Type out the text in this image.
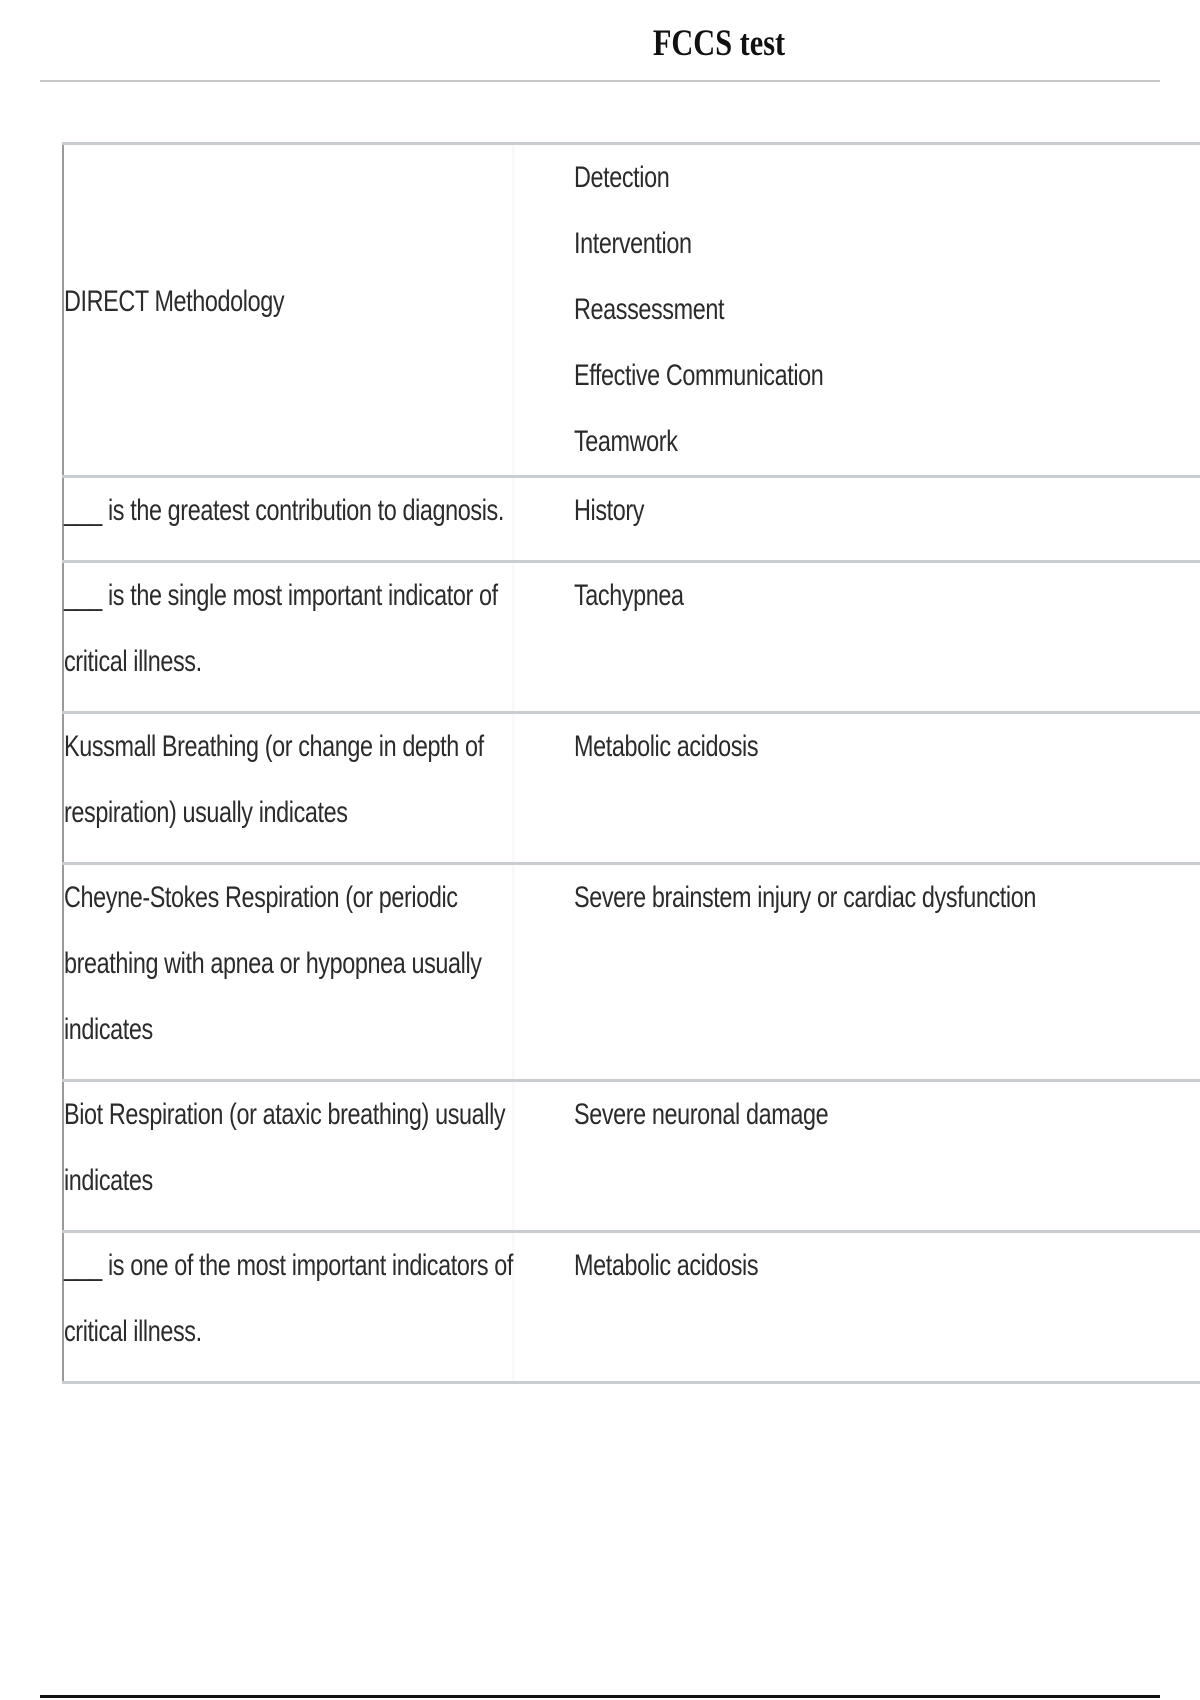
FCCS test
DIRECT Methodology	Detection
Intervention
Reassessment
Effective Communication
Teamwork

___ is the greatest contribution to diagnosis.	History

___ is the single most important indicator of critical illness.	Tachypnea

Kussmall Breathing (or change in depth of respiration) usually indicates	Metabolic acidosis

Cheyne-Stokes Respiration (or periodic breathing with apnea or hypopnea usually indicates	Severe brainstem injury or cardiac dysfunction

Biot Respiration (or ataxic breathing) usually indicates	Severe neuronal damage

___ is one of the most important indicators of critical illness.	Metabolic acidosis
